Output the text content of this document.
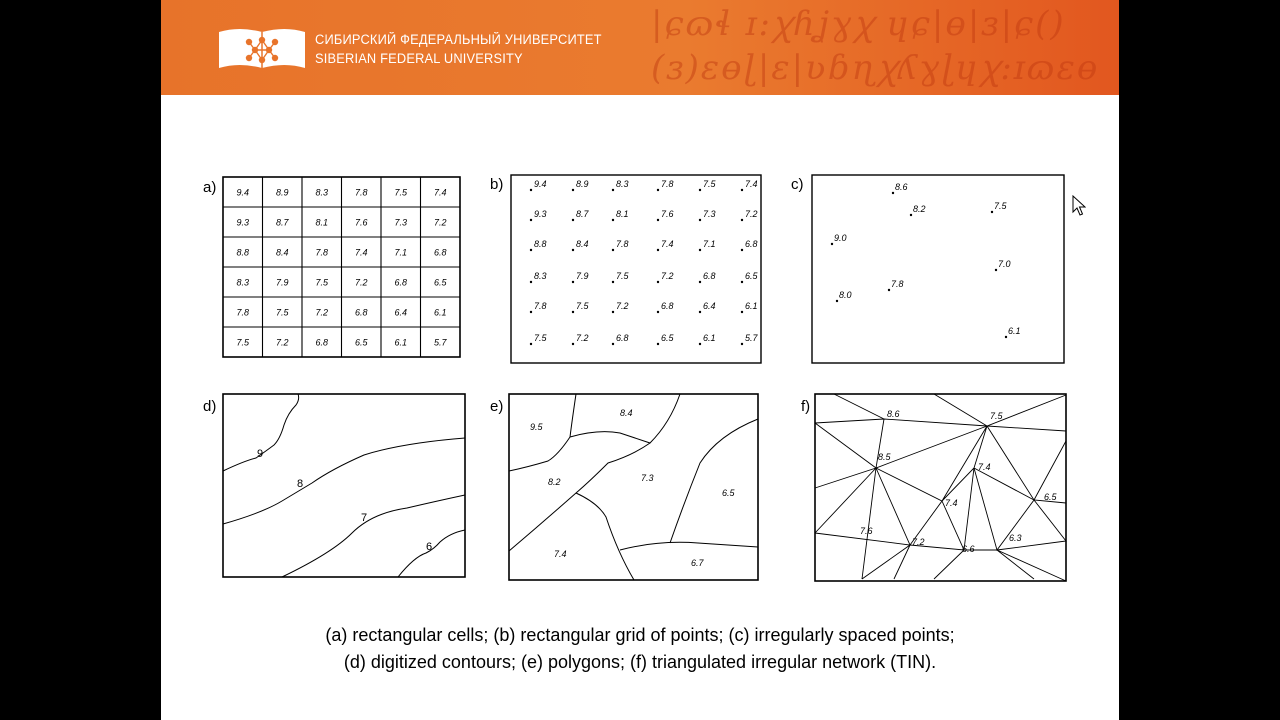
|ɕɷɬ ɪ:ꭓɦʝɣꭓ ɥɕ|ɵ|ɜ|ɕ()
(ɜ)ɛɵɭ|ɛ|ʋɓɳꭓʎɣɭɥꭓ:ɪɷɛɵ
СИБИРСКИЙ ФЕДЕРАЛЬНЫЙ УНИВЕРСИТЕТ
SIBERIAN FEDERAL UNIVERSITY
a)	b)	c)
d)	e)	f)
9.4	8.9	8.3	7.8	7.5	7.4
9.3	8.7	8.1	7.6	7.3	7.2
8.8	8.4	7.8	7.4	7.1	6.8
8.3	7.9	7.5	7.2	6.8	6.5
7.8	7.5	7.2	6.8	6.4	6.1
7.5	7.2	6.8	6.5	6.1	5.7
9.4	8.9	8.3	7.8	7.5	7.4
9.3	8.7	8.1	7.6	7.3	7.2
8.8	8.4	7.8	7.4	7.1	6.8
8.3	7.9	7.5	7.2	6.8	6.5
7.8	7.5	7.2	6.8	6.4	6.1
7.5	7.2	6.8	6.5	6.1	5.7
8.6
8.2	7.5
9.0
7.0
7.8
8.0
6.1
9
8
7
6
9.5
8.4
8.2	7.3
6.5
7.4
6.7
8.6	7.5
8.5
7.4
6.5
7.4
7.6
7.2
6.6
6.3
(a) rectangular cells; (b) rectangular grid of points; (c) irregularly spaced points;
(d) digitized contours; (e) polygons; (f) triangulated irregular network (TIN).
